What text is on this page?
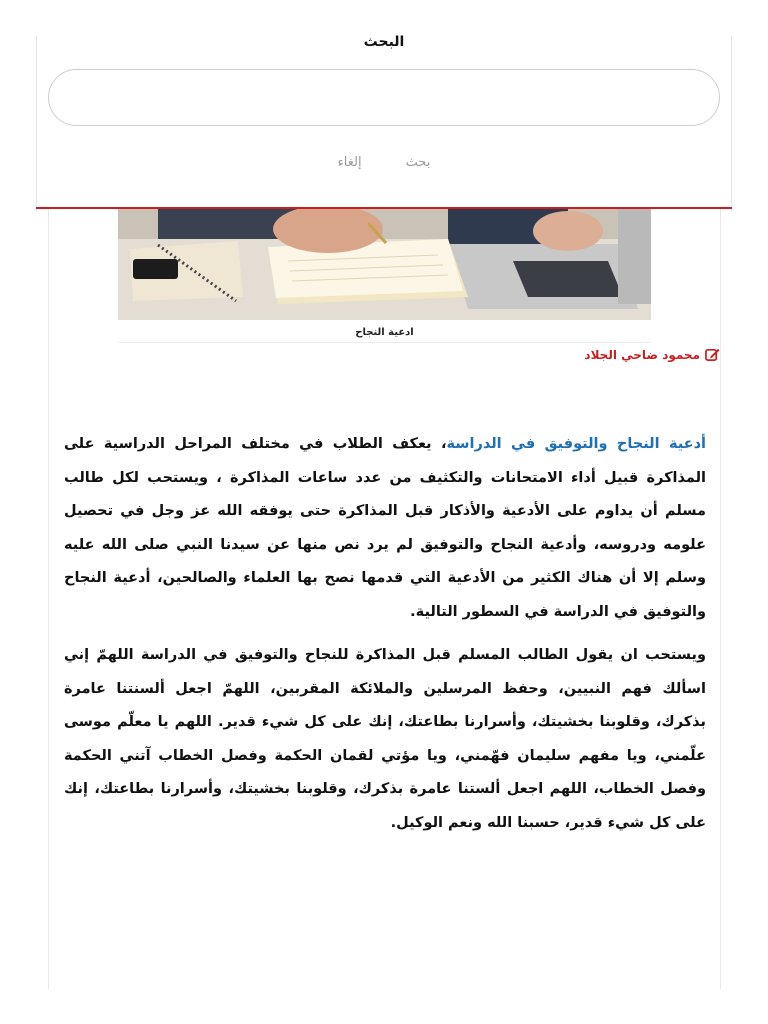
البحث
بحث
إلغاء
ادعية النجاح
محمود ضاحي الجلاد

أدعية النجاح والتوفيق في الدراسة، يعكف الطلاب في مختلف المراحل الدراسية على المذاكرة قبيل أداء الامتحانات والتكثيف من عدد ساعات المذاكرة ، ويستحب لكل طالب مسلم أن يداوم على الأدعية والأذكار قبل المذاكرة حتى يوفقه الله عز وجل في تحصيل علومه ودروسه، وأدعية النجاح والتوفيق لم يرد نص منها عن سيدنا النبي صلى الله عليه وسلم إلا أن هناك الكثير من الأدعية التي قدمها نصح بها العلماء والصالحين، أدعية النجاح والتوفيق في الدراسة في السطور التالية.

ويستحب ان يقول الطالب المسلم قبل المذاكرة للنجاح والتوفيق في الدراسة اللهمّ إني اسألك فهم النبيين، وحفظ المرسلين والملائكة المقربين، اللهمّ اجعل ألسنتنا عامرة بذكرك، وقلوبنا بخشيتك، وأسرارنا بطاعتك، إنك على كل شيء قدير. اللهم يا معلّم موسى علّمني، ويا مفهم سليمان فهّمني، ويا مؤتي لقمان الحكمة وفصل الخطاب آتني الحكمة وفصل الخطاب، اللهم اجعل ألستنا عامرة بذكرك، وقلوبنا بخشيتك، وأسرارنا بطاعتك، إنك على كل شيء قدير، حسبنا الله ونعم الوكيل.
